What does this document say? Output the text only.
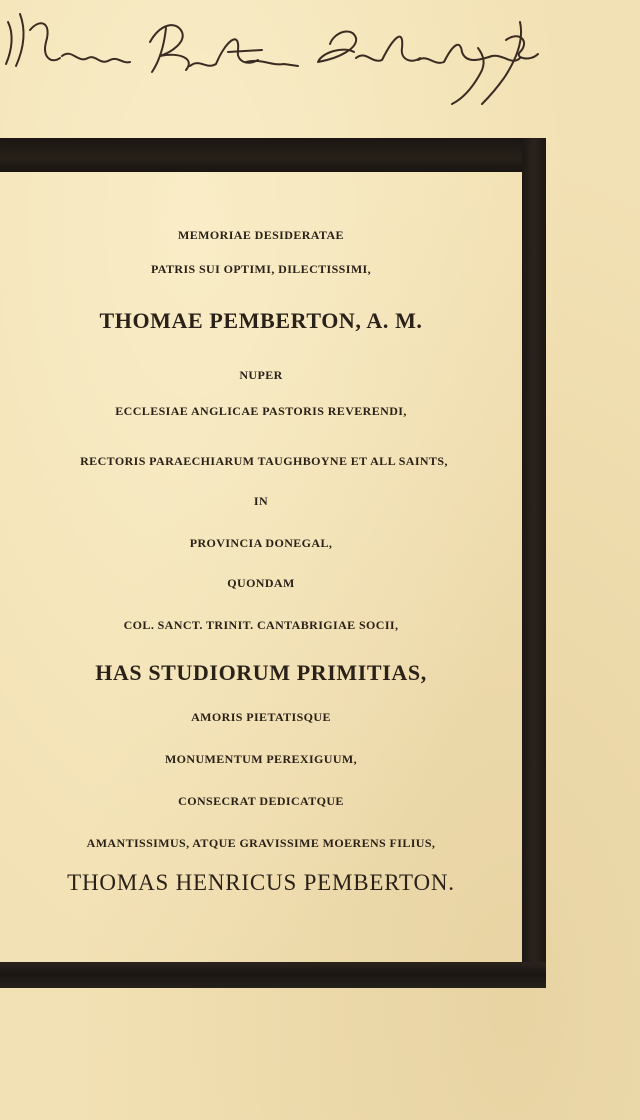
MEMORIAE DESIDERATAE
PATRIS SUI OPTIMI, DILECTISSIMI,
THOMAE PEMBERTON, A. M.
NUPER
ECCLESIAE ANGLICAE PASTORIS REVERENDI,
RECTORIS PARAECHIARUM TAUGHBOYNE ET ALL SAINTS,
IN
PROVINCIA DONEGAL,
QUONDAM
COL. SANCT. TRINIT. CANTABRIGIAE SOCII,
HAS STUDIORUM PRIMITIAS,
AMORIS PIETATISQUE
MONUMENTUM PEREXIGUUM,
CONSECRAT DEDICATQUE
AMANTISSIMUS, ATQUE GRAVISSIME MOERENS FILIUS,
THOMAS HENRICUS PEMBERTON.
